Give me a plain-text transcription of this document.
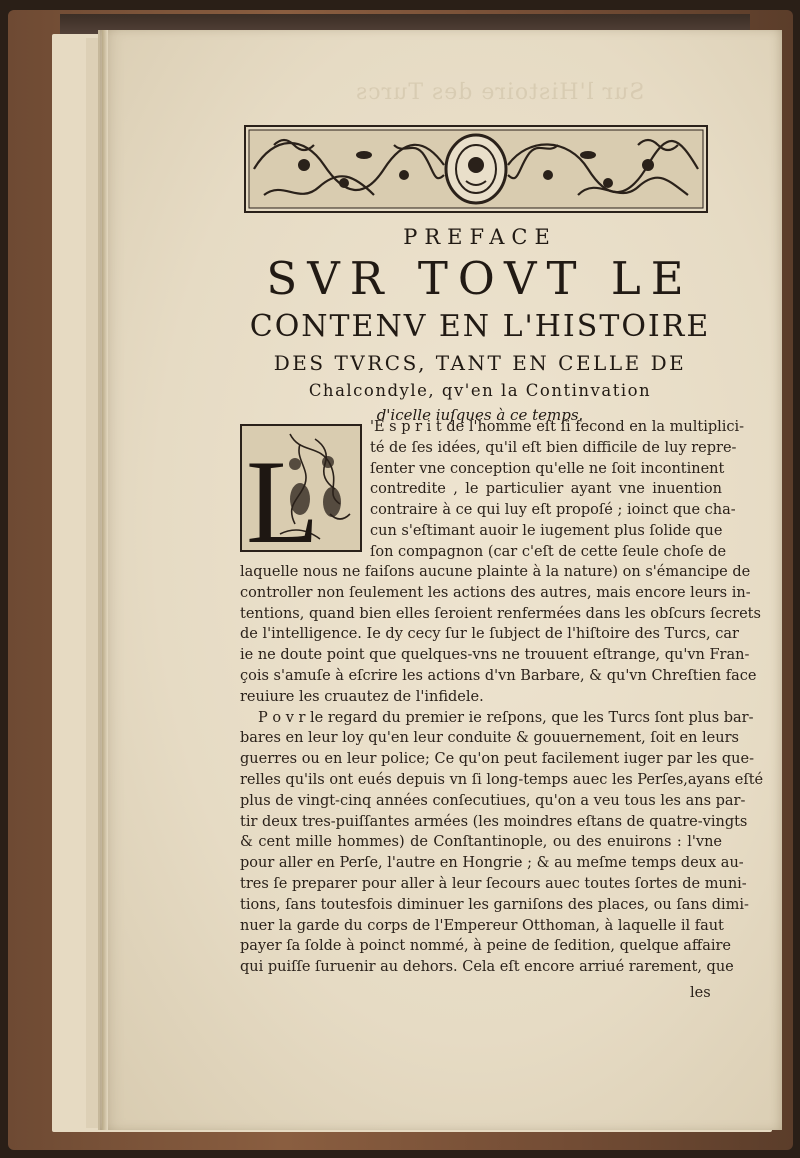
Sur l'Histoire des Turcs
PREFACE
SVR TOVT LE
CONTENV EN L'HISTOIRE
DES TVRCS, TANT EN CELLE DE
Chalcondyle, qv'en la Continvation
d'icelle iuſques à ce temps.
L
'E s p r i t de l'homme eſt ſi fecond en la multiplici-
té de ſes idées, qu'il eſt bien difficile de luy repre-
ſenter vne conception qu'elle ne ſoit incontinent
contredite , le particulier ayant vne inuention
contraire à ce qui luy eſt propoſé ; ioinct que cha-
cun s'eſtimant auoir le iugement plus ſolide que
ſon compagnon (car c'eſt de cette ſeule choſe de
laquelle nous ne faiſons aucune plainte à la nature) on s'émancipe de
controller non ſeulement les actions des autres, mais encore leurs in-
tentions, quand bien elles ſeroient renfermées dans les obſcurs ſecrets
de l'intelligence. Ie dy cecy ſur le ſubject de l'hiſtoire des Turcs, car
ie ne doute point que quelques-vns ne trouuent eſtrange, qu'vn Fran-
çois s'amuſe à eſcrire les actions d'vn Barbare, & qu'vn Chreſtien face
reuiure les cruautez de l'infidele.
P o v r le regard du premier ie reſpons, que les Turcs ſont plus bar-
bares en leur loy qu'en leur conduite & gouuernement, ſoit en leurs
guerres ou en leur police; Ce qu'on peut facilement iuger par les que-
relles qu'ils ont eués depuis vn ſi long-temps auec les Perſes,ayans eſté
plus de vingt-cinq années conſecutiues, qu'on a veu tous les ans par-
tir deux tres-puiſſantes armées (les moindres eſtans de quatre-vingts
& cent mille hommes) de Conſtantinople, ou des enuirons : l'vne
pour aller en Perſe, l'autre en Hongrie ; & au meſme temps deux au-
tres ſe preparer pour aller à leur ſecours auec toutes ſortes de muni-
tions, ſans toutesfois diminuer les garniſons des places, ou ſans dimi-
nuer la garde du corps de l'Empereur Otthoman, à laquelle il faut
payer ſa ſolde à poinct nommé, à peine de ſedition, quelque affaire
qui puiſſe ſuruenir au dehors. Cela eſt encore arriué rarement, que
les
